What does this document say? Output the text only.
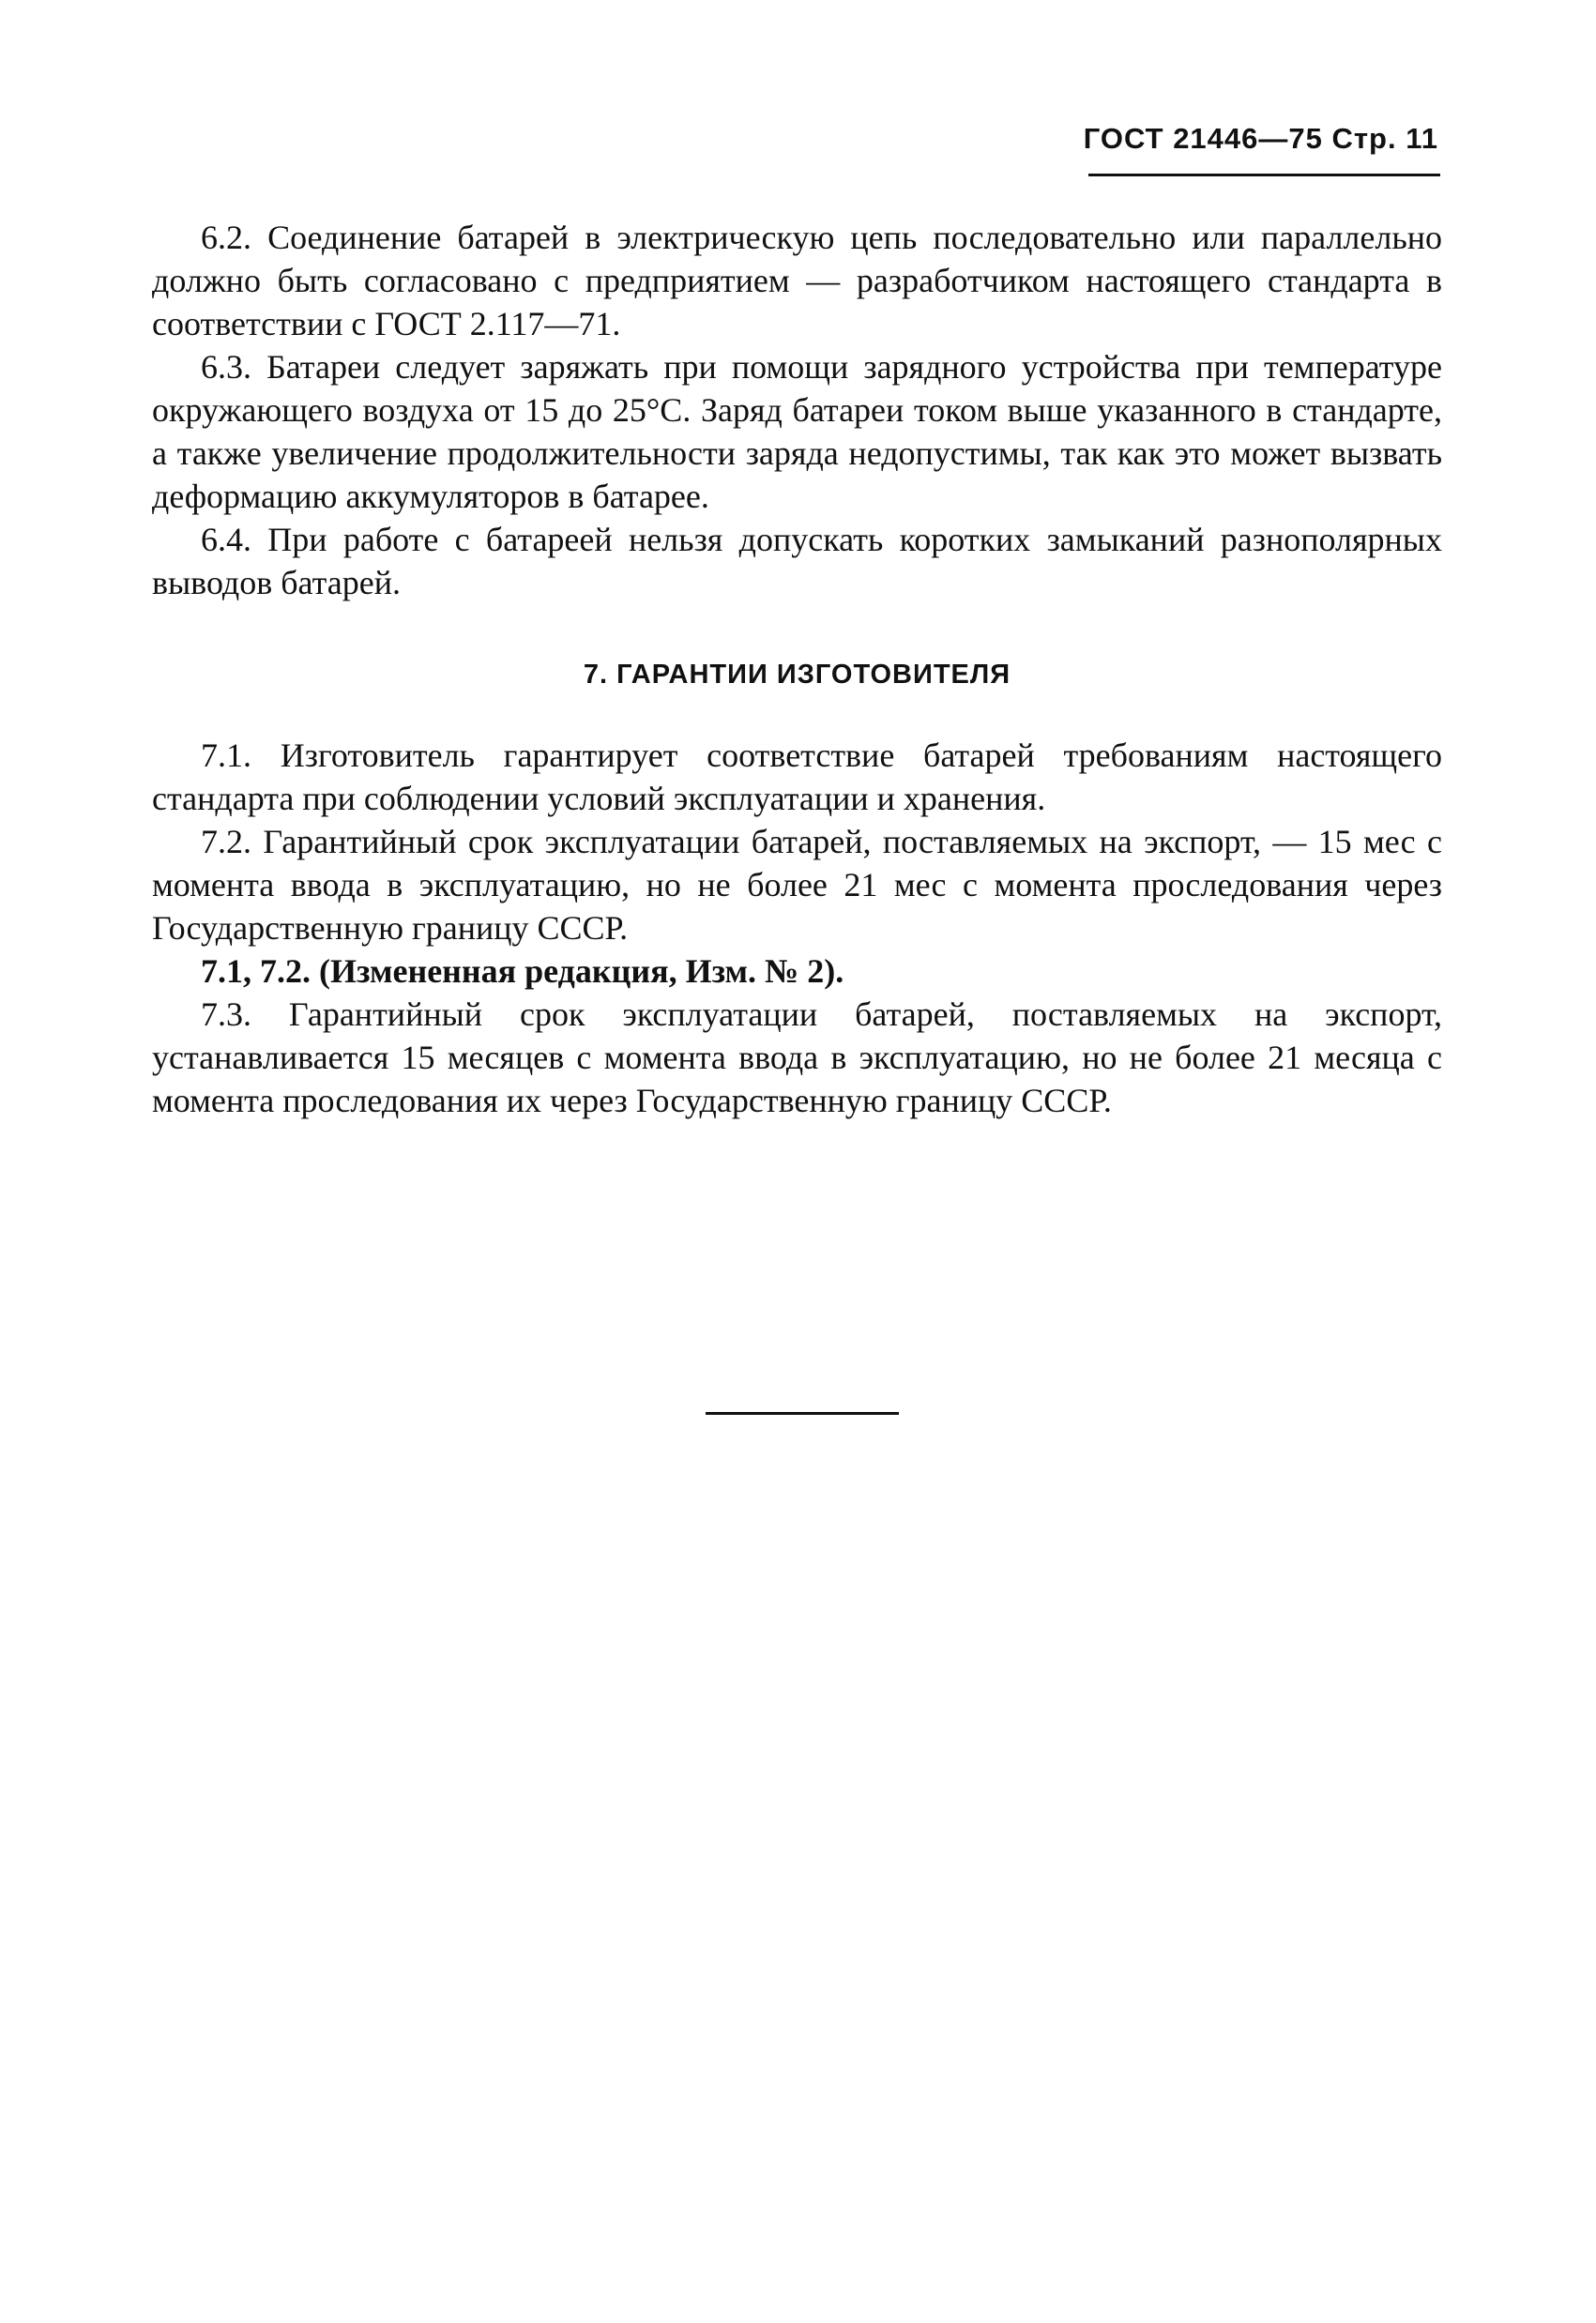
ГОСТ 21446—75 Стр. 11

6.2. Соединение батарей в электрическую цепь последовательно или параллельно должно быть согласовано с предприятием — разработчиком настоящего стандарта в соответствии с ГОСТ 2.117—71.

6.3. Батареи следует заряжать при помощи зарядного устройства при температуре окружающего воздуха от 15 до 25°С. Заряд батареи током выше указанного в стандарте, а также увеличение продолжительности заряда недопустимы, так как это может вызвать деформацию аккумуляторов в батарее.

6.4. При работе с батареей нельзя допускать коротких замыканий разнополярных выводов батарей.

7. ГАРАНТИИ ИЗГОТОВИТЕЛЯ

7.1. Изготовитель гарантирует соответствие батарей требованиям настоящего стандарта при соблюдении условий эксплуатации и хранения.

7.2. Гарантийный срок эксплуатации батарей, поставляемых на экспорт, — 15 мес с момента ввода в эксплуатацию, но не более 21 мес с момента проследования через Государственную границу СССР.

7.1, 7.2. (Измененная редакция, Изм. № 2).

7.3. Гарантийный срок эксплуатации батарей, поставляемых на экспорт, устанавливается 15 месяцев с момента ввода в эксплуатацию, но не более 21 месяца с момента проследования их через Государственную границу СССР.
